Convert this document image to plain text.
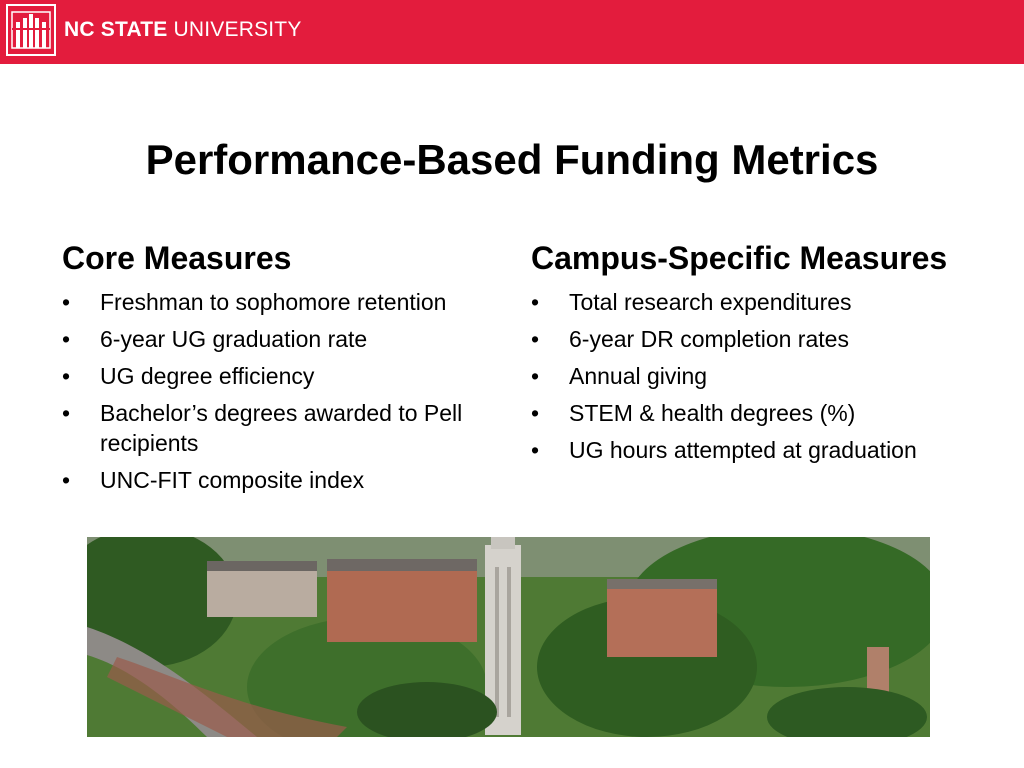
NC STATE UNIVERSITY
Performance-Based Funding Metrics
Core Measures
• Freshman to sophomore retention
• 6-year UG graduation rate
• UG degree efficiency
• Bachelor’s degrees awarded to Pell recipients
• UNC-FIT composite index
Campus-Specific Measures
• Total research expenditures
• 6-year DR completion rates
• Annual giving
• STEM & health degrees (%)
• UG hours attempted at graduation
